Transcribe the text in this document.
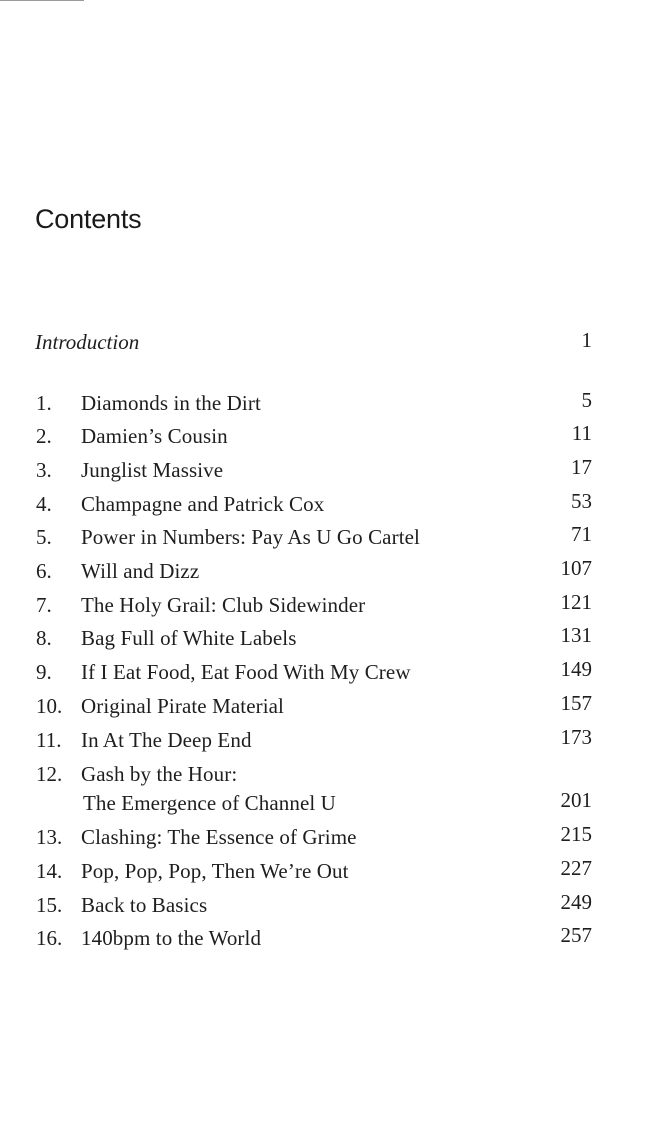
Contents
Introduction	1
1. Diamonds in the Dirt	5
2. Damien’s Cousin	11
3. Junglist Massive	17
4. Champagne and Patrick Cox	53
5. Power in Numbers: Pay As U Go Cartel	71
6. Will and Dizz	107
7. The Holy Grail: Club Sidewinder	121
8. Bag Full of White Labels	131
9. If I Eat Food, Eat Food With My Crew	149
10. Original Pirate Material	157
11. In At The Deep End	173
12. Gash by the Hour:
The Emergence of Channel U	201
13. Clashing: The Essence of Grime	215
14. Pop, Pop, Pop, Then We’re Out	227
15. Back to Basics	249
16. 140bpm to the World	257
